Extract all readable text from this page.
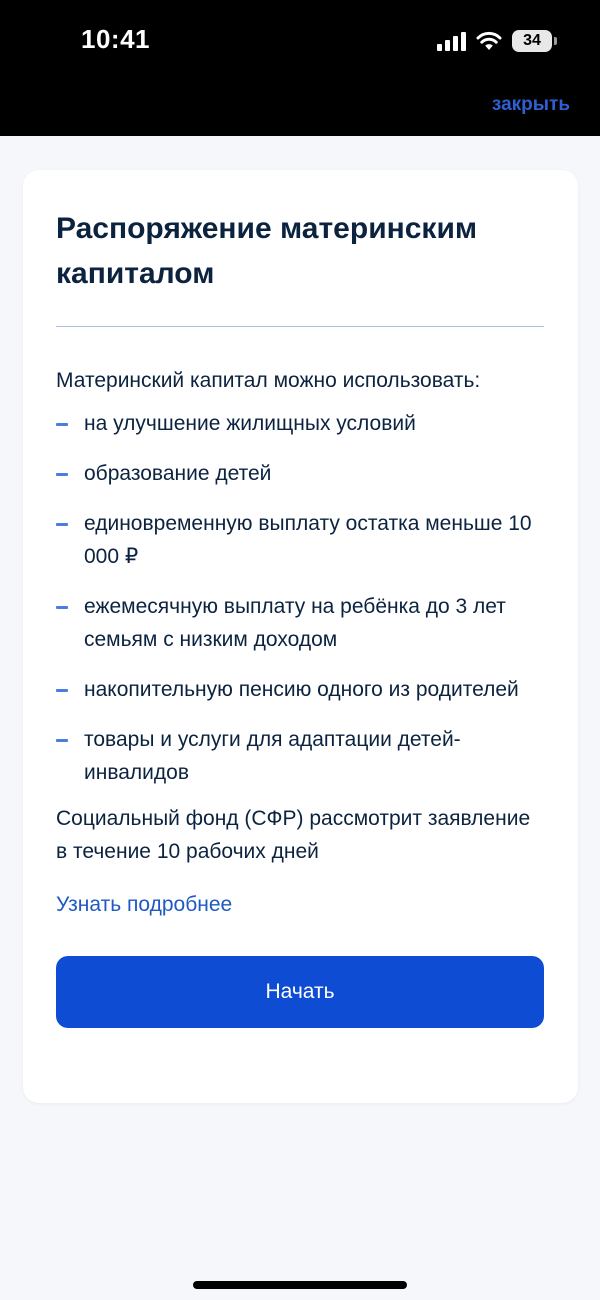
10:41	34
закрыть
Распоряжение материнским капиталом
Материнский капитал можно использовать:
на улучшение жилищных условий
образование детей
единовременную выплату остатка меньше 10 000 ₽
ежемесячную выплату на ребёнка до 3 лет семьям с низким доходом
накопительную пенсию одного из родителей
товары и услуги для адаптации детей-инвалидов
Социальный фонд (СФР) рассмотрит заявление в течение 10 рабочих дней
Узнать подробнее
Начать
